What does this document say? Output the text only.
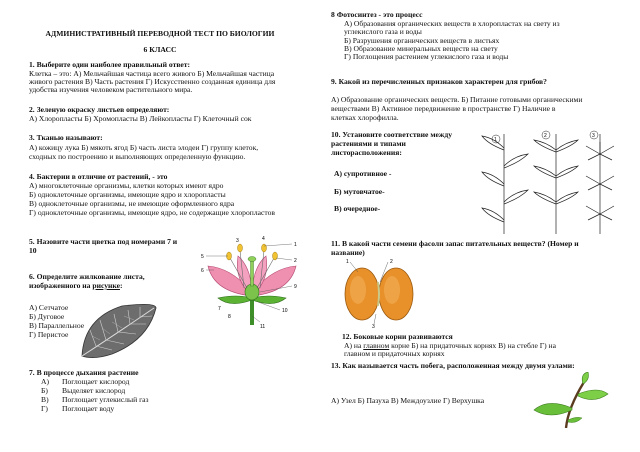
АДМИНИСТРАТИВНЫЙ ПЕРЕВОДНОЙ ТЕСТ ПО БИОЛОГИИ
6 КЛАСС
1. Выберите один наиболее правильный ответ:
Клетка – это: А) Мельчайшая частица всего живого Б) Мельчайшая частица
живого растения В) Часть растения Г) Искусственно созданная единица для
удобства изучения человеком растительного мира.
2. Зеленую окраску листьев определяют:
А) Хлоропласты Б) Хромопласты В) Лейкопласты Г) Клеточный сок
3. Тканью называют:
А) кожицу лука Б) мякоть ягод Б) часть листа элодеи Г) группу клеток,
сходных по построению и выполняющих определенную функцию.
4. Бактерии в отличие от растений, - это
А) многоклеточные организмы, клетки которых имеют ядро
Б) одноклеточные организмы, имеющие ядро и хлоропласты
В) одноклеточные организмы, не имеющие оформленного ядра
Г) одноклеточные организмы, имеющие ядро, не содержащие хлоропластов
5. Назовите части цветка под номерами 7 и
10
5
6
1
2
3	4
7
8
9
10
11
6. Определите жилкование листа,
изображенного на рисунке:
А) Сетчатое
Б) Дуговое
В) Параллельное
Г) Перистое
7. В процессе дыхания растение
А) Поглощает кислород
Б) Выделяет кислород
В) Поглощает углекислый газ
Г) Поглощает воду
8 Фотосинтез - это процесс
А) Образования органических веществ в хлоропластах на свету из
углекислого газа и воды
Б) Разрушения органических веществ в листьях
В) Образование минеральных веществ на свету
Г) Поглощения растением углекислого газа и воды
9. Какой из перечисленных признаков характерен для грибов?
А) Образование органических веществ. Б) Питание готовыми органическими
веществами В) Активное передвижение в пространстве Г) Наличие в
клетках хлорофилла.
10. Установите соответствие между
растениями и типами
листорасположения:
А) супротивное -
Б) мутовчатое-
В) очередное-
1
2	3
11. В какой части семени фасоли запас питательных веществ? (Номер и
название)
1	2
3
12. Боковые корни развиваются
А) на главном корне Б) на придаточных корнях В) на стебле Г) на
главном и придаточных корнях
13. Как называется часть побега, расположенная между двумя узлами:
А) Узел Б) Пазуха В) Междоузлие Г) Верхушка
